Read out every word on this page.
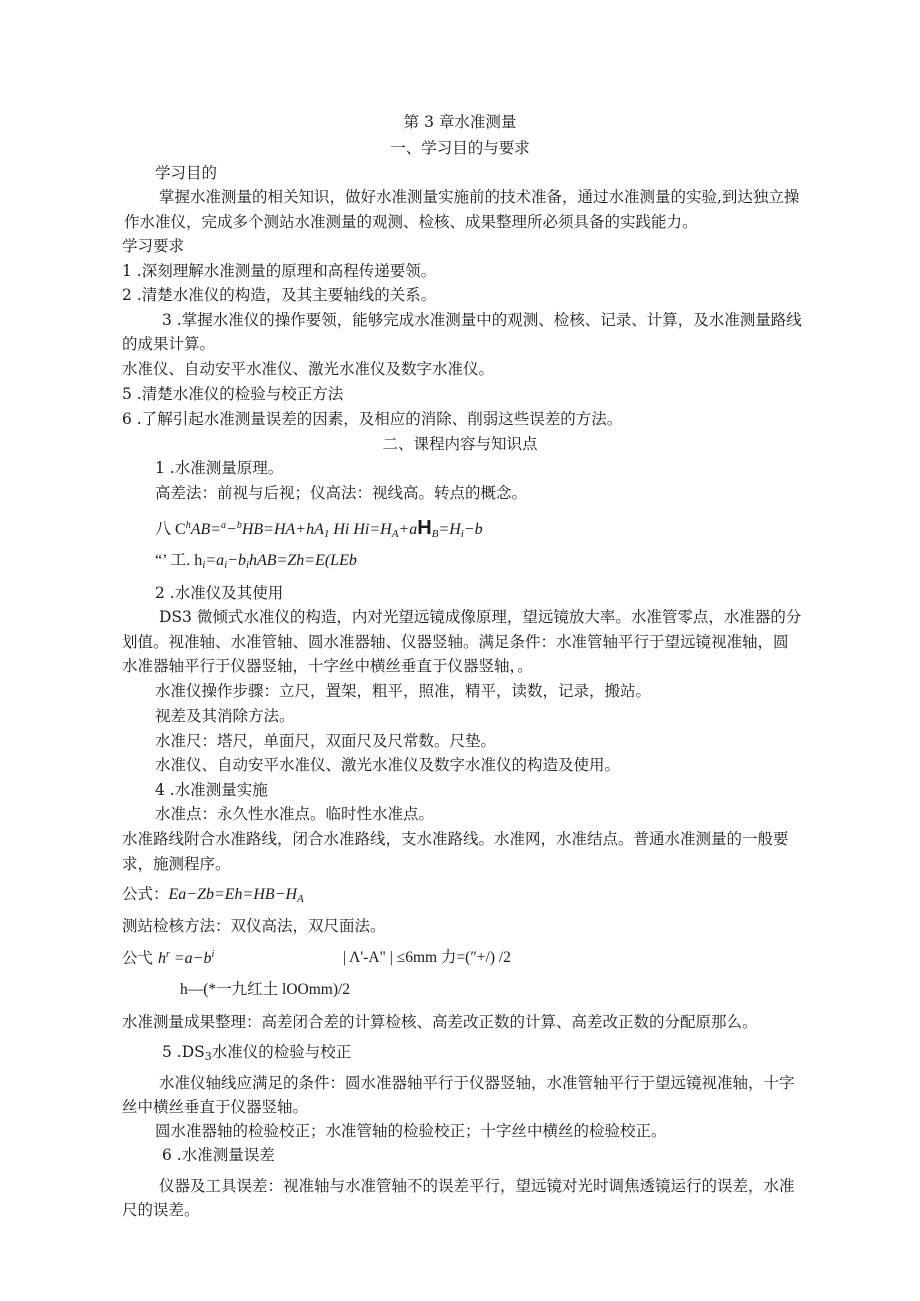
第 3 章水准测量
一、学习目的与要求
学习目的
掌握水准测量的相关知识，做好水准测量实施前的技术准备，通过水准测量的实验,到达独立操
作水准仪，完成多个测站水准测量的观测、检核、成果整理所必须具备的实践能力。
学习要求
1 .深刻理解水准测量的原理和高程传递要领。
2 .清楚水准仪的构造，及其主要轴线的关系。
3 .掌握水准仪的操作要领，能够完成水准测量中的观测、检核、记录、计算，及水准测量路线
的成果计算。
水准仪、自动安平水准仪、激光水准仪及数字水准仪。
5 .清楚水准仪的检验与校正方法
6 .了解引起水准测量误差的因素，及相应的消除、削弱这些误差的方法。
二、课程内容与知识点
1 .水准测量原理。
高差法：前视与后视；仪高法：视线高。转点的概念。
八 $C^hAB=^a-^bHB=HA+hA1$ Hi Hi=HA+aHB=Hi−b
“’ 工. hi=ai−bihAB=Zh=E(LEb
2 .水准仪及其使用
DS3 微倾式水准仪的构造，内对光望远镜成像原理，望远镜放大率。水准管零点，水准器的分
划值。视准轴、水准管轴、圆水准器轴、仪器竖轴。满足条件：水准管轴平行于望远镜视准轴，圆
水准器轴平行于仪器竖轴，十字丝中横丝垂直于仪器竖轴，。
水准仪操作步骤：立尺，置架，粗平，照准，精平，读数，记录，搬站。
视差及其消除方法。
水准尺：塔尺，单面尺，双面尺及尺常数。尺垫。
水准仪、自动安平水准仪、激光水准仪及数字水准仪的构造及使用。
4 .水准测量实施
水准点：永久性水准点。临时性水准点。
水准路线附合水准路线，闭合水准路线，支水准路线。水准网，水准结点。普通水准测量的一般要
求，施测程序。
公式：Ea−Zb=Eh=HB−HA
测站检核方法：双仪高法，双尺面法。
公弋 $h^r =a-b^i$	| Λ'-A" | ≤6mm 力=(″+/) /2
h—(*一九红土 lOOmm)/2
水准测量成果整理：高差闭合差的计算检核、高差改正数的计算、高差改正数的分配原那么。
5 .DS3水准仪的检验与校正
水准仪轴线应满足的条件：圆水准器轴平行于仪器竖轴，水准管轴平行于望远镜视准轴，十字
丝中横丝垂直于仪器竖轴。
圆水准器轴的检验校正；水准管轴的检验校正；十字丝中横丝的检验校正。
6 .水准测量误差
仪器及工具误差：视准轴与水准管轴不的误差平行，望远镜对光时调焦透镜运行的误差，水准
尺的误差。
